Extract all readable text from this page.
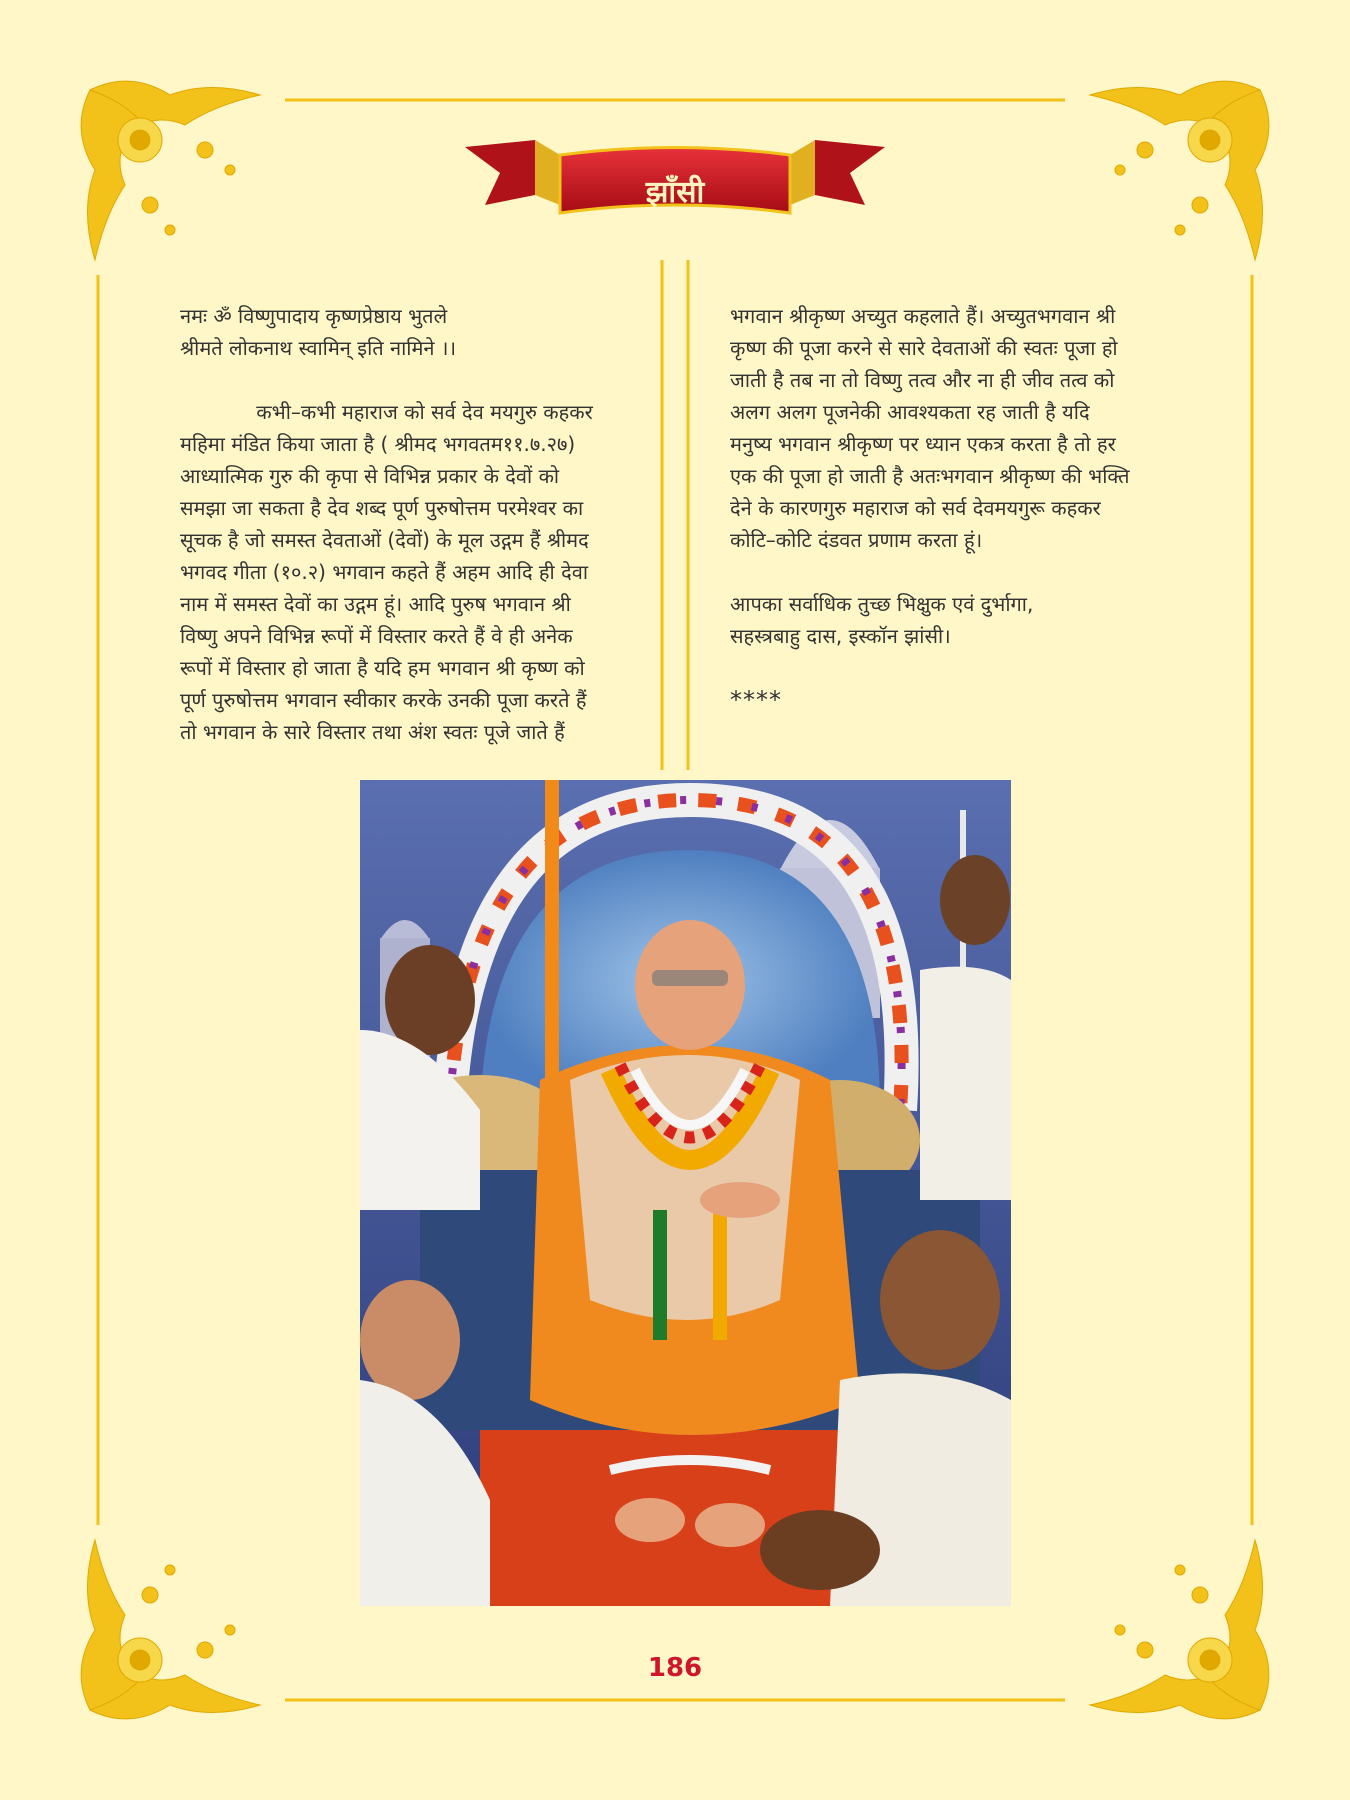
झाँसी

नमः ॐ विष्णुपादाय कृष्णप्रेष्ठाय भुतले

श्रीमते लोकनाथ स्वामिन् इति नामिने ।।

कभी–कभी महाराज को सर्व देव मयगुरु कहकर

महिमा मंडित किया जाता है ( श्रीमद भगवतम११.७.२७)

आध्यात्मिक गुरु की कृपा से विभिन्न प्रकार के देवों को

समझा जा सकता है देव शब्द पूर्ण पुरुषोत्तम परमेश्वर का

सूचक है जो समस्त देवताओं (देवों) के मूल उद्गम हैं श्रीमद

भगवद गीता (१०.२) भगवान कहते हैं अहम आदि ही देवा

नाम में समस्त देवों का उद्गम हूं। आदि पुरुष भगवान श्री

विष्णु अपने विभिन्न रूपों में विस्तार करते हैं वे ही अनेक

रूपों में विस्तार हो जाता है यदि हम भगवान श्री कृष्ण को

पूर्ण पुरुषोत्तम भगवान स्वीकार करके उनकी पूजा करते हैं

तो भगवान के सारे विस्तार तथा अंश स्वतः पूजे जाते हैं

भगवान श्रीकृष्ण अच्युत कहलाते हैं। अच्युतभगवान श्री

कृष्ण की पूजा करने से सारे देवताओं की स्वतः पूजा हो

जाती है तब ना तो विष्णु तत्व और ना ही जीव तत्व को

अलग अलग पूजनेकी आवश्यकता रह जाती है यदि

मनुष्य भगवान श्रीकृष्ण पर ध्यान एकत्र करता है तो हर

एक की पूजा हो जाती है अतःभगवान श्रीकृष्ण की भक्ति

देने के कारणगुरु महाराज को सर्व देवमयगुरू कहकर

कोटि–कोटि दंडवत प्रणाम करता हूं।

आपका सर्वाधिक तुच्छ भिक्षुक एवं दुर्भागा,

सहस्त्रबाहु दास, इस्कॉन झांसी।

****

186
